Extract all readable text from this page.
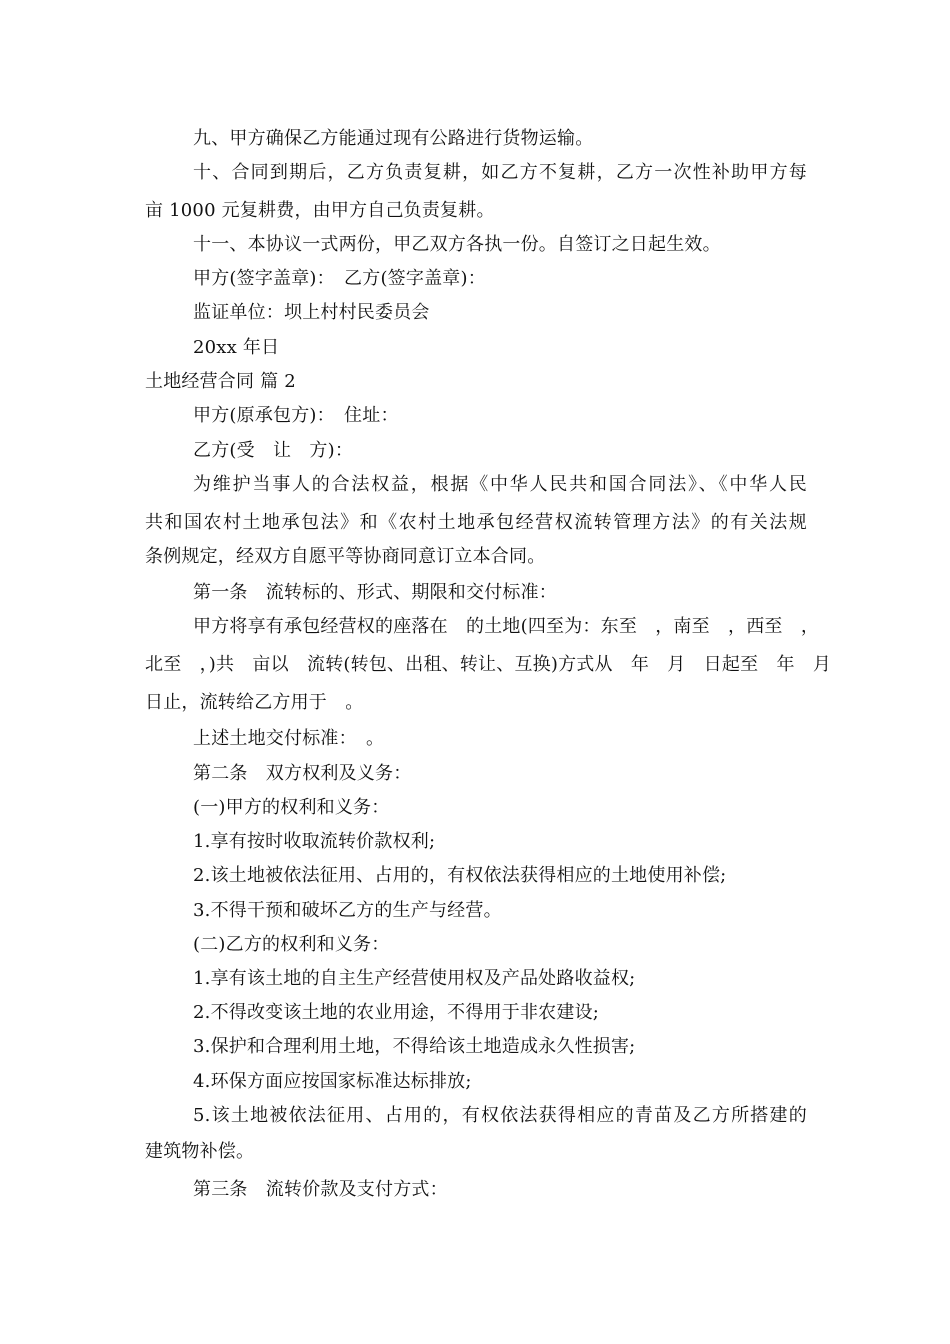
九、甲方确保乙方能通过现有公路进行货物运输。
十、合同到期后，乙方负责复耕，如乙方不复耕，乙方一次性补助甲方每
亩 1000 元复耕费，由甲方自己负责复耕。
十一、本协议一式两份，甲乙双方各执一份。自签订之日起生效。
甲方(签字盖章)：　乙方(签字盖章)：
监证单位：坝上村村民委员会
20xx 年日
土地经营合同 篇 2
甲方(原承包方)：　住址：
乙方(受　让　方)：
为维护当事人的合法权益，根据《中华人民共和国合同法》、《中华人民
共和国农村土地承包法》和《农村土地承包经营权流转管理方法》的有关法规
条例规定，经双方自愿平等协商同意订立本合同。
第一条　流转标的、形式、期限和交付标准：
甲方将享有承包经营权的座落在　的土地(四至为：东至　，南至　，西至　，
北至　，)共　亩以　流转(转包、出租、转让、互换)方式从　年　月　日起至　年　月
日止，流转给乙方用于　。
上述土地交付标准：　。
第二条　双方权利及义务：
(一)甲方的权利和义务：
1.享有按时收取流转价款权利;
2.该土地被依法征用、占用的，有权依法获得相应的土地使用补偿;
3.不得干预和破坏乙方的生产与经营。
(二)乙方的权利和义务：
1.享有该土地的自主生产经营使用权及产品处路收益权;
2.不得改变该土地的农业用途，不得用于非农建设;
3.保护和合理利用土地，不得给该土地造成永久性损害;
4.环保方面应按国家标准达标排放;
5.该土地被依法征用、占用的，有权依法获得相应的青苗及乙方所搭建的
建筑物补偿。
第三条　流转价款及支付方式：
